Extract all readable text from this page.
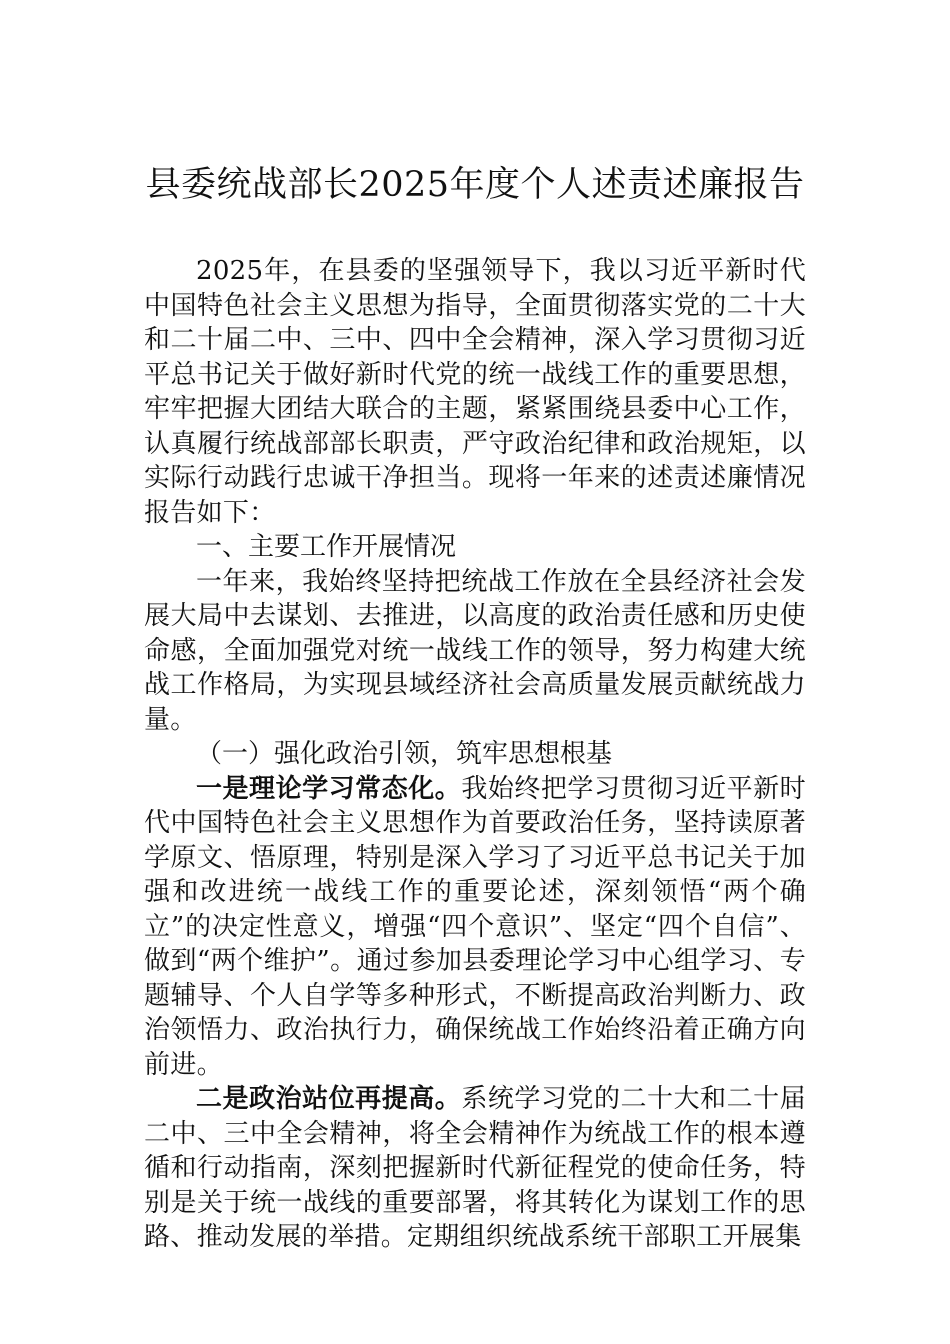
县委统战部长2025年度个人述责述廉报告

2025年，在县委的坚强领导下，我以习近平新时代中国特色社会主义思想为指导，全面贯彻落实党的二十大和二十届二中、三中、四中全会精神，深入学习贯彻习近平总书记关于做好新时代党的统一战线工作的重要思想，牢牢把握大团结大联合的主题，紧紧围绕县委中心工作，认真履行统战部部长职责，严守政治纪律和政治规矩，以实际行动践行忠诚干净担当。现将一年来的述责述廉情况报告如下：

一、主要工作开展情况

一年来，我始终坚持把统战工作放在全县经济社会发展大局中去谋划、去推进，以高度的政治责任感和历史使命感，全面加强党对统一战线工作的领导，努力构建大统战工作格局，为实现县域经济社会高质量发展贡献统战力量。

（一）强化政治引领，筑牢思想根基

一是理论学习常态化。我始终把学习贯彻习近平新时代中国特色社会主义思想作为首要政治任务，坚持读原著学原文、悟原理，特别是深入学习了习近平总书记关于加强和改进统一战线工作的重要论述，深刻领悟“两个确立”的决定性意义，增强“四个意识”、坚定“四个自信”、做到“两个维护”。通过参加县委理论学习中心组学习、专题辅导、个人自学等多种形式，不断提高政治判断力、政治领悟力、政治执行力，确保统战工作始终沿着正确方向前进。

二是政治站位再提高。系统学习党的二十大和二十届二中、三中全会精神，将全会精神作为统战工作的根本遵循和行动指南，深刻把握新时代新征程党的使命任务，特别是关于统一战线的重要部署，将其转化为谋划工作的思路、推动发展的举措。定期组织统战系统干部职工开展集
